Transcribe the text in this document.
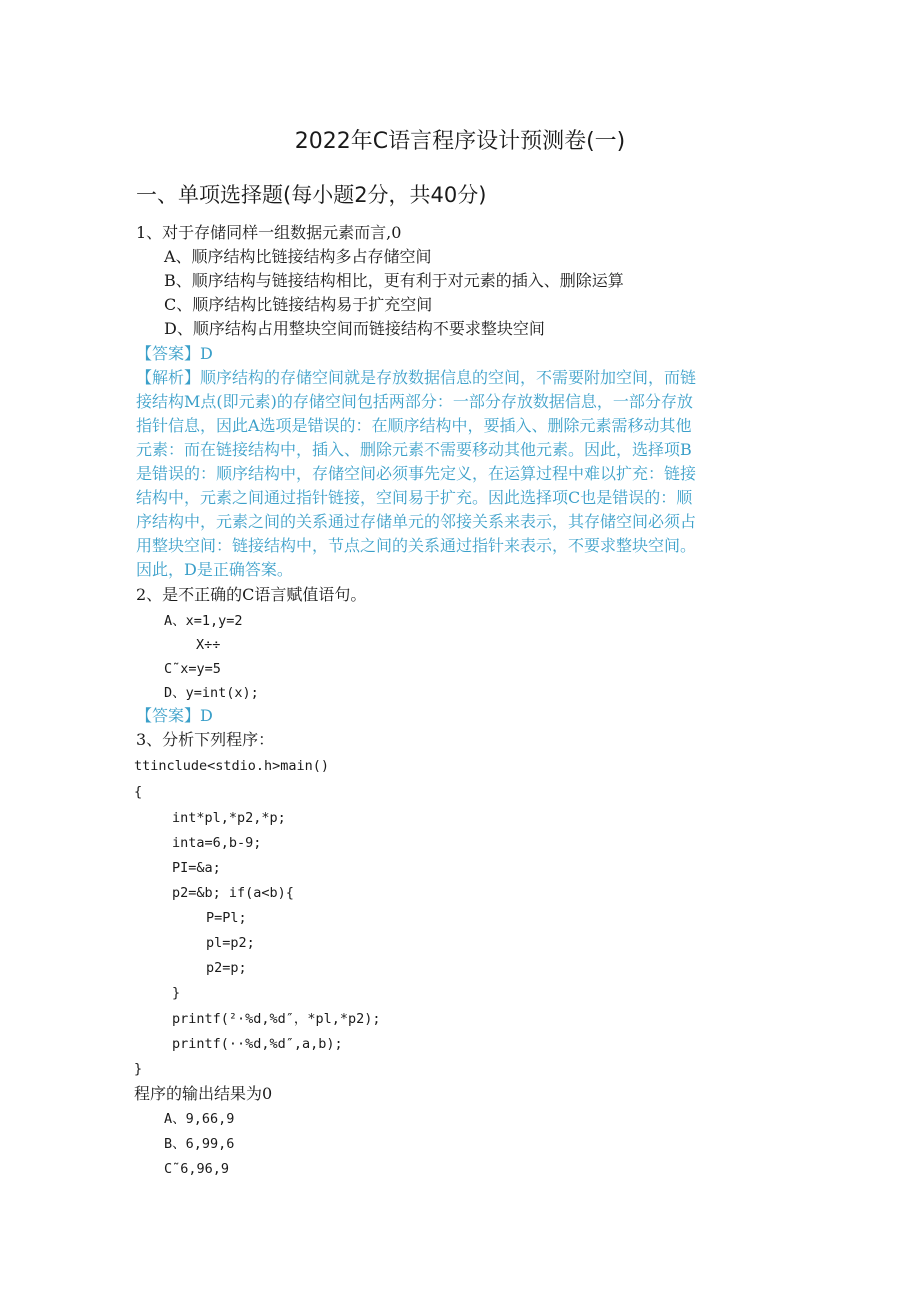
2022年C语言程序设计预测卷(一)
一、单项选择题(每小题2分，共40分)
1、对于存储同样一组数据元素而言,0
A、顺序结构比链接结构多占存储空间
B、顺序结构与链接结构相比，更有利于对元素的插入、删除运算
C、顺序结构比链接结构易于扩充空间
D、顺序结构占用整块空间而链接结构不要求整块空间
【答案】D
【解析】顺序结构的存储空间就是存放数据信息的空间，不需要附加空间，而链
接结构M点(即元素)的存储空间包括两部分：一部分存放数据信息，一部分存放
指针信息，因此A选项是错误的：在顺序结构中，要插入、删除元素需移动其他
元素：而在链接结构中，插入、删除元素不需要移动其他元素。因此，选择项B
是错误的：顺序结构中，存储空间必须事先定义，在运算过程中难以扩充：链接
结构中，元素之间通过指针链接，空间易于扩充。因此选择项C也是错误的：顺
序结构中，元素之间的关系通过存储单元的邻接关系来表示，其存储空间必须占
用整块空间：链接结构中，节点之间的关系通过指针来表示，不要求整块空间。
因此，D是正确答案。
2、是不正确的C语言赋值语句。
A、x=1,y=2
X÷÷
C˜x=y=5
D、y=int(x);
【答案】D
3、分析下列程序：
ttinclude<stdio.h>main()
{
int*pl,*p2,*p;
inta=6,b-9;
PI=&a;
p2=&b; if(a<b){
P=Pl;
pl=p2;
p2=p;
}
printf(²·%d,%d″，*pl,*p2);
printf(··%d,%d″,a,b);
}
程序的输出结果为0
A、9,66,9
B、6,99,6
C˜6,96,9
